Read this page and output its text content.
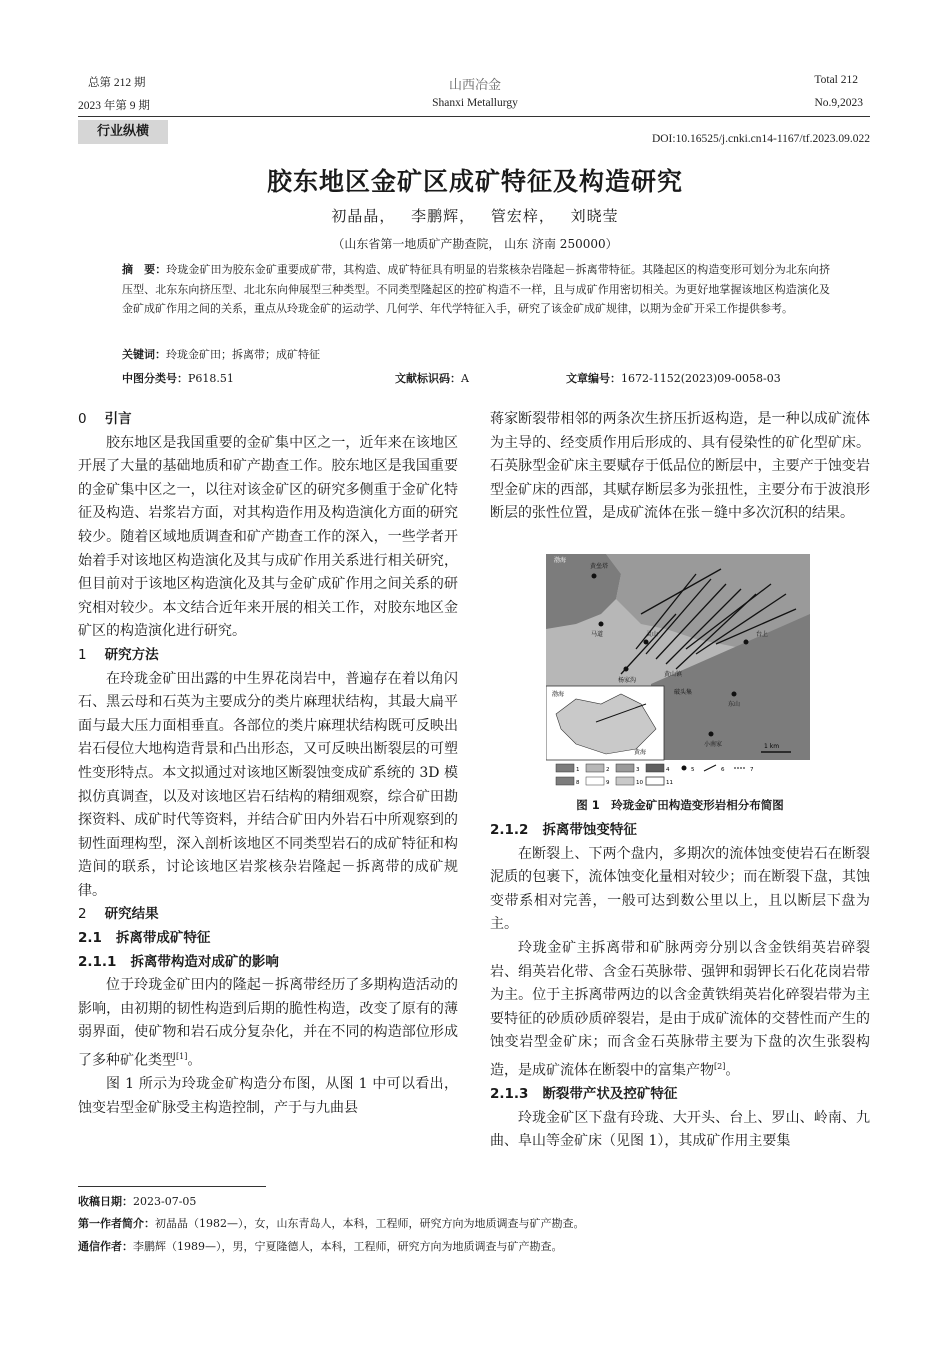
总第 212 期
2023 年第 9 期
山西冶金
Shanxi Metallurgy
Total 212
No.9,2023
行业纵横	DOI:10.16525/j.cnki.cn14-1167/tf.2023.09.022
胶东地区金矿区成矿特征及构造研究
初晶晶， 李鹏辉， 管宏梓， 刘晓莹
（山东省第一地质矿产勘查院， 山东 济南 250000）
摘　要：玲珑金矿田为胶东金矿重要成矿带，其构造、成矿特征具有明显的岩浆核杂岩隆起－拆离带特征。其隆起区的构造变形可划分为北东向挤压型、北东东向挤压型、北北东向伸展型三种类型。不同类型隆起区的控矿构造不一样，且与成矿作用密切相关。为更好地掌握该地区构造演化及金矿成矿作用之间的关系，重点从玲珑金矿的运动学、几何学、年代学特征入手，研究了该金矿成矿规律，以期为金矿开采工作提供参考。
关键词：玲珑金矿田；拆离带；成矿特征
中图分类号：P618.51	文献标识码：A	文章编号：1672-1152(2023)09-0058-03
0 引言

胶东地区是我国重要的金矿集中区之一，近年来在该地区开展了大量的基础地质和矿产勘查工作。胶东地区是我国重要的金矿集中区之一，以往对该金矿区的研究多侧重于金矿化特征及构造、岩浆岩方面，对其构造作用及构造演化方面的研究较少。随着区域地质调查和矿产勘查工作的深入，一些学者开始着手对该地区构造演化及其与成矿作用关系进行相关研究，但目前对于该地区构造演化及其与金矿成矿作用之间关系的研究相对较少。本文结合近年来开展的相关工作，对胶东地区金矿区的构造演化进行研究。

1 研究方法

在玲珑金矿田出露的中生界花岗岩中，普遍存在着以角闪石、黑云母和石英为主要成分的类片麻理状结构，其最大扁平面与最大压力面相垂直。各部位的类片麻理状结构既可反映出岩石侵位大地构造背景和凸出形态，又可反映出断裂层的可塑性变形特点。本文拟通过对该地区断裂蚀变成矿系统的 3D 模拟仿真调查，以及对该地区岩石结构的精细观察，综合矿田勘探资料、成矿时代等资料，并结合矿田内外岩石中所观察到的韧性面理构型，深入剖析该地区不同类型岩石的成矿特征和构造间的联系，讨论该地区岩浆核杂岩隆起－拆离带的成矿规律。

2 研究结果
2.1 拆离带成矿特征
2.1.1 拆离带构造对成矿的影响

位于玲珑金矿田内的隆起－拆离带经历了多期构造活动的影响，由初期的韧性构造到后期的脆性构造，改变了原有的薄弱界面，使矿物和岩石成分复杂化，并在不同的构造部位形成了多种矿化类型[1]。

图 1 所示为玲珑金矿构造分布图，从图 1 中可以看出，蚀变岩型金矿脉受主构造控制，产于与九曲县

蒋家断裂带相邻的两条次生挤压折返构造，是一种以成矿流体为主导的、经变质作用后形成的、具有侵染性的矿化型矿床。石英脉型金矿床主要赋存于低品位的断层中，主要产于蚀变岩型金矿床的西部，其赋存断层多为张扭性，主要分布于波浪形断层的张性位置，是成矿流体在张－缝中多次沉积的结果。

黄垒塔
马道	灵山	台上
杨家沟
东山
黄山镇
小南家
破头集
渤海
黄海
渤海
1 km
1	2	3	4	5	6	7
8	9	10	11
图 1　玲珑金矿田构造变形岩相分布简图
2.1.2 拆离带蚀变特征

在断裂上、下两个盘内，多期次的流体蚀变使岩石在断裂泥质的包裹下，流体蚀变化量相对较少；而在断裂下盘，其蚀变带系相对完善，一般可达到数公里以上，且以断层下盘为主。

玲珑金矿主拆离带和矿脉两旁分别以含金铁绢英岩碎裂岩、绢英岩化带、含金石英脉带、强钾和弱钾长石化花岗岩带为主。位于主拆离带两边的以含金黄铁绢英岩化碎裂岩带为主要特征的砂质砂质碎裂岩，是由于成矿流体的交替性而产生的蚀变岩型金矿床；而含金石英脉带主要为下盘的次生张裂构造，是成矿流体在断裂中的富集产物[2]。

2.1.3 断裂带产状及控矿特征

玲珑金矿区下盘有玲珑、大开头、台上、罗山、岭南、九曲、阜山等金矿床（见图 1），其成矿作用主要集

收稿日期：2023-07-05
第一作者简介：初晶晶（1982—），女，山东青岛人，本科，工程师，研究方向为地质调查与矿产勘查。
通信作者：李鹏辉（1989—），男，宁夏隆德人，本科，工程师，研究方向为地质调查与矿产勘查。
